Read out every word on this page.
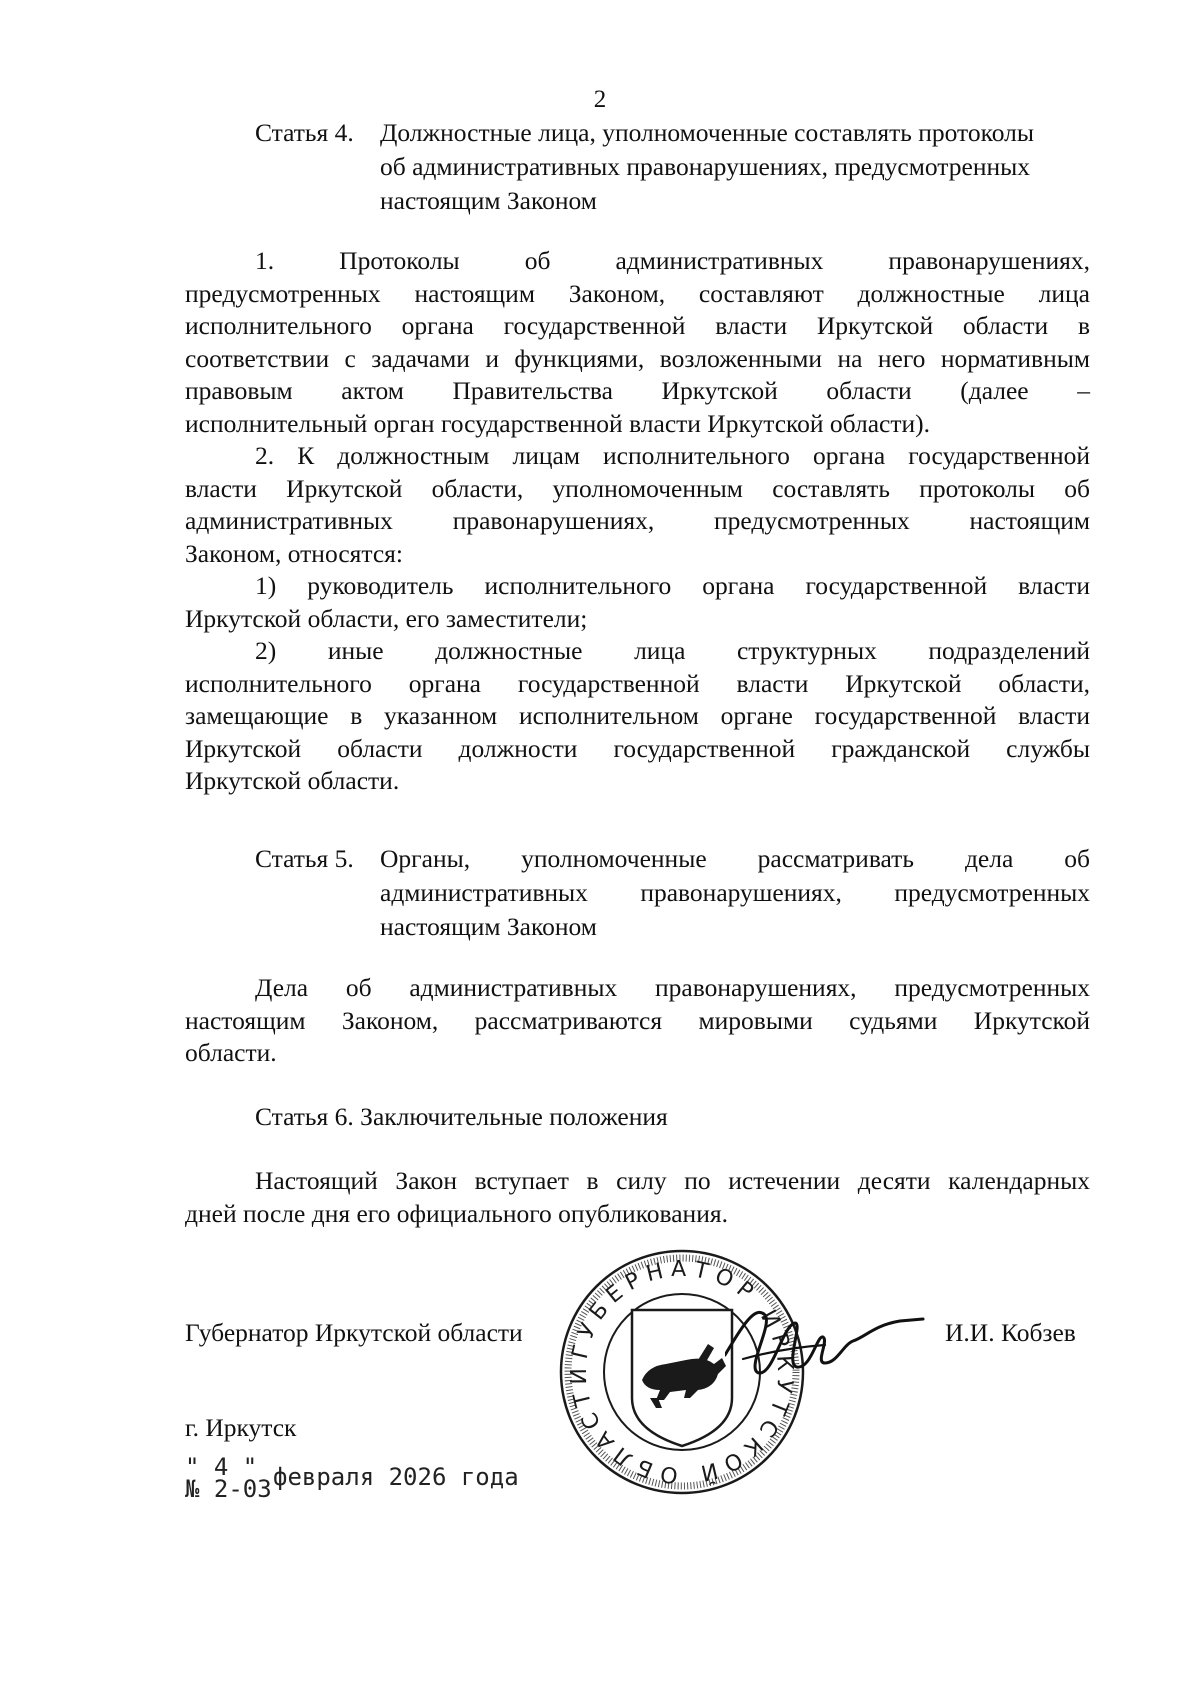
2
Статья 4. Должностные лица, уполномоченные составлять протоколы
об административных правонарушениях, предусмотренных
настоящим Законом
1. Протоколы об административных правонарушениях,
предусмотренных настоящим Законом, составляют должностные лица
исполнительного органа государственной власти Иркутской области в
соответствии с задачами и функциями, возложенными на него нормативным
правовым актом Правительства Иркутской области (далее –
исполнительный орган государственной власти Иркутской области).
2. К должностным лицам исполнительного органа государственной
власти Иркутской области, уполномоченным составлять протоколы об
административных правонарушениях, предусмотренных настоящим
Законом, относятся:
1) руководитель исполнительного органа государственной власти
Иркутской области, его заместители;
2) иные должностные лица структурных подразделений
исполнительного органа государственной власти Иркутской области,
замещающие в указанном исполнительном органе государственной власти
Иркутской области должности государственной гражданской службы
Иркутской области.
Статья 5. Органы, уполномоченные рассматривать дела об
административных правонарушениях, предусмотренных
настоящим Законом
Дела об административных правонарушениях, предусмотренных
настоящим Законом, рассматриваются мировыми судьями Иркутской
области.
Статья 6. Заключительные положения
Настоящий Закон вступает в силу по истечении десяти календарных
дней после дня его официального опубликования.
ГУБЕРНАТОР ИРКУТСКОЙ ОБЛАСТИ
Губернатор Иркутской области	И.И. Кобзев
г. Иркутск
" 4 "
№ 2-03 февраля 2026 года
